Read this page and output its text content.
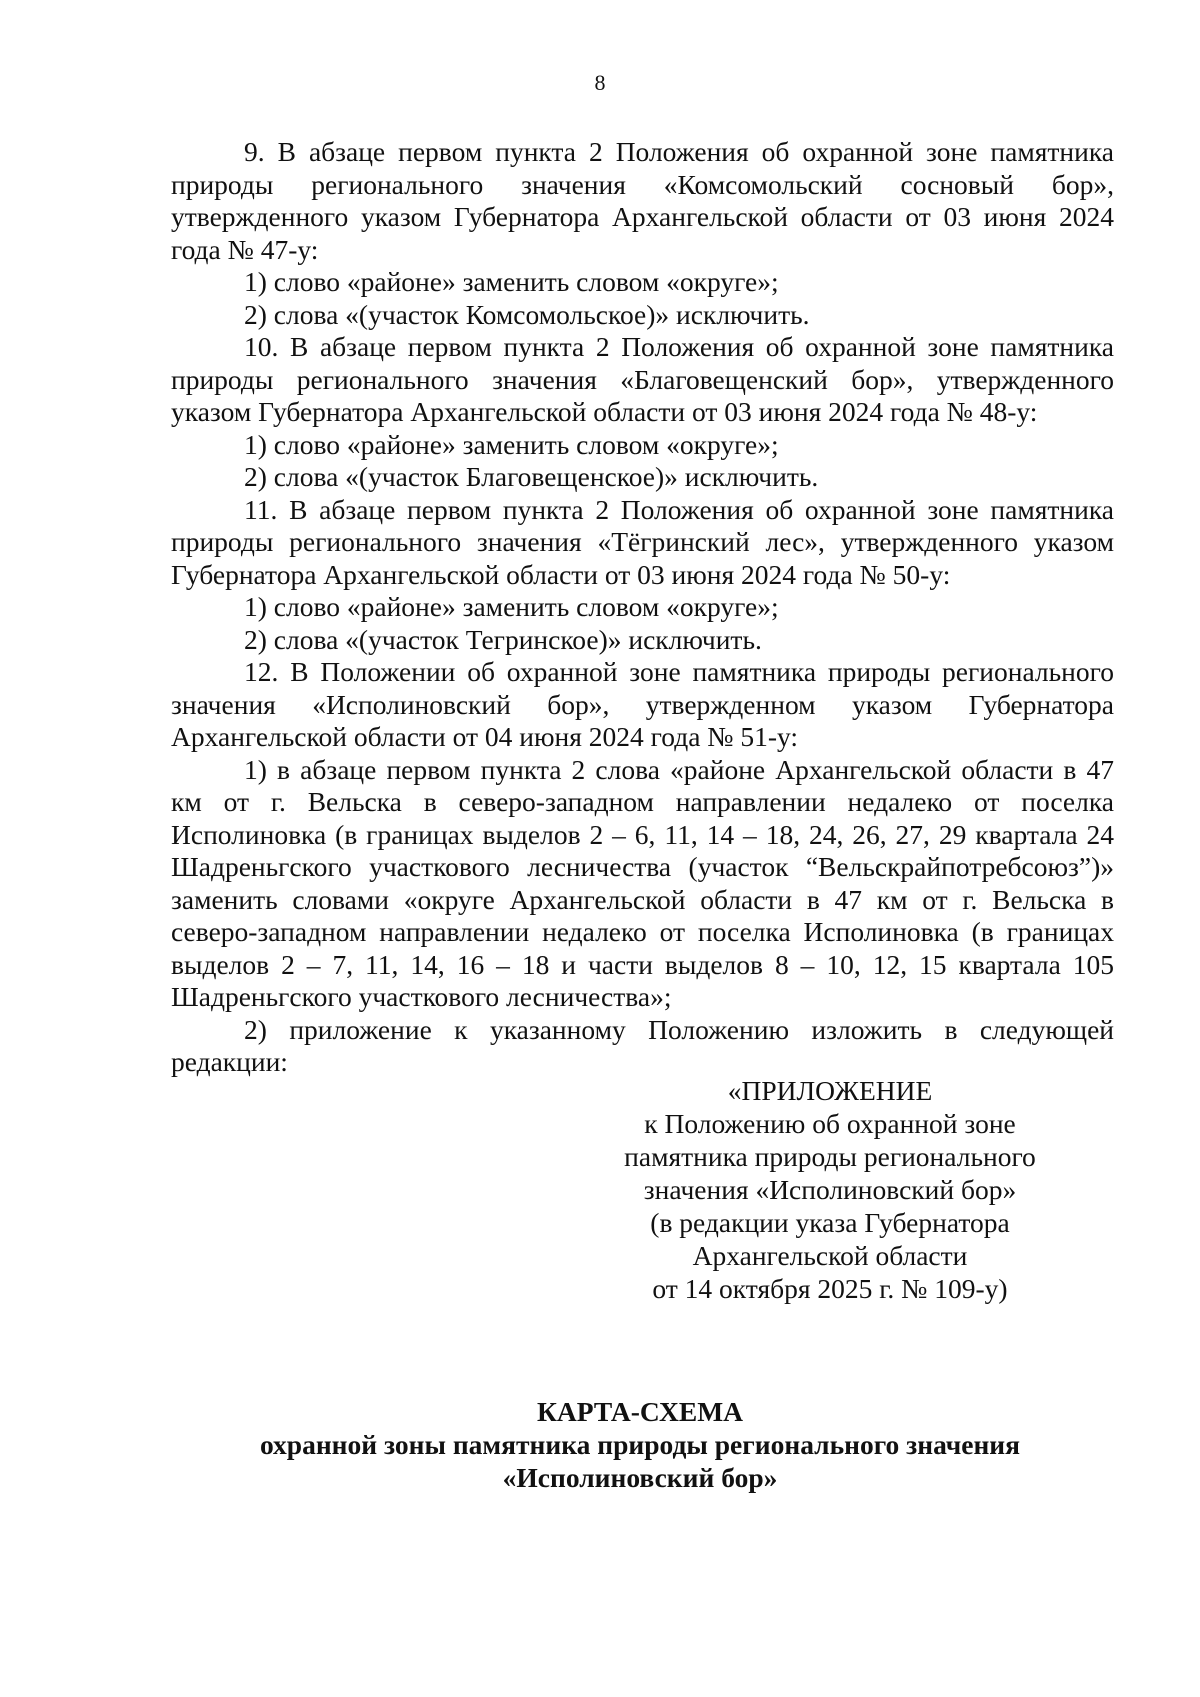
8

9. В абзаце первом пункта 2 Положения об охранной зоне памятника природы регионального значения «Комсомольский сосновый бор», утвержденного указом Губернатора Архангельской области от 03 июня 2024 года № 47-у:

1) слово «районе» заменить словом «округе»;

2) слова «(участок Комсомольское)» исключить.

10. В абзаце первом пункта 2 Положения об охранной зоне памятника природы регионального значения «Благовещенский бор», утвержденного указом Губернатора Архангельской области от 03 июня 2024 года № 48-у:

1) слово «районе» заменить словом «округе»;

2) слова «(участок Благовещенское)» исключить.

11. В абзаце первом пункта 2 Положения об охранной зоне памятника природы регионального значения «Тёгринский лес», утвержденного указом Губернатора Архангельской области от 03 июня 2024 года № 50-у:

1) слово «районе» заменить словом «округе»;

2) слова «(участок Тегринское)» исключить.

12. В Положении об охранной зоне памятника природы регионального значения «Исполиновский бор», утвержденном указом Губернатора Архангельской области от 04 июня 2024 года № 51-у:

1) в абзаце первом пункта 2 слова «районе Архангельской области в 47 км от г. Вельска в северо-западном направлении недалеко от поселка Исполиновка (в границах выделов 2 – 6, 11, 14 – 18, 24, 26, 27, 29 квартала 24 Шадреньгского участкового лесничества (участок “Вельскрайпотребсоюз”)» заменить словами «округе Архангельской области в 47 км от г. Вельска в северо-западном направлении недалеко от поселка Исполиновка (в границах выделов 2 – 7, 11, 14, 16 – 18 и части выделов 8 – 10, 12, 15 квартала 105 Шадреньгского участкового лесничества»;

2) приложение к указанному Положению изложить в следующей редакции:

«ПРИЛОЖЕНИЕ
к Положению об охранной зоне
памятника природы регионального
значения «Исполиновский бор»
(в редакции указа Губернатора
Архангельской области
от 14 октября 2025 г. № 109-у)
КАРТА-СХЕМА
охранной зоны памятника природы регионального значения
«Исполиновский бор»
